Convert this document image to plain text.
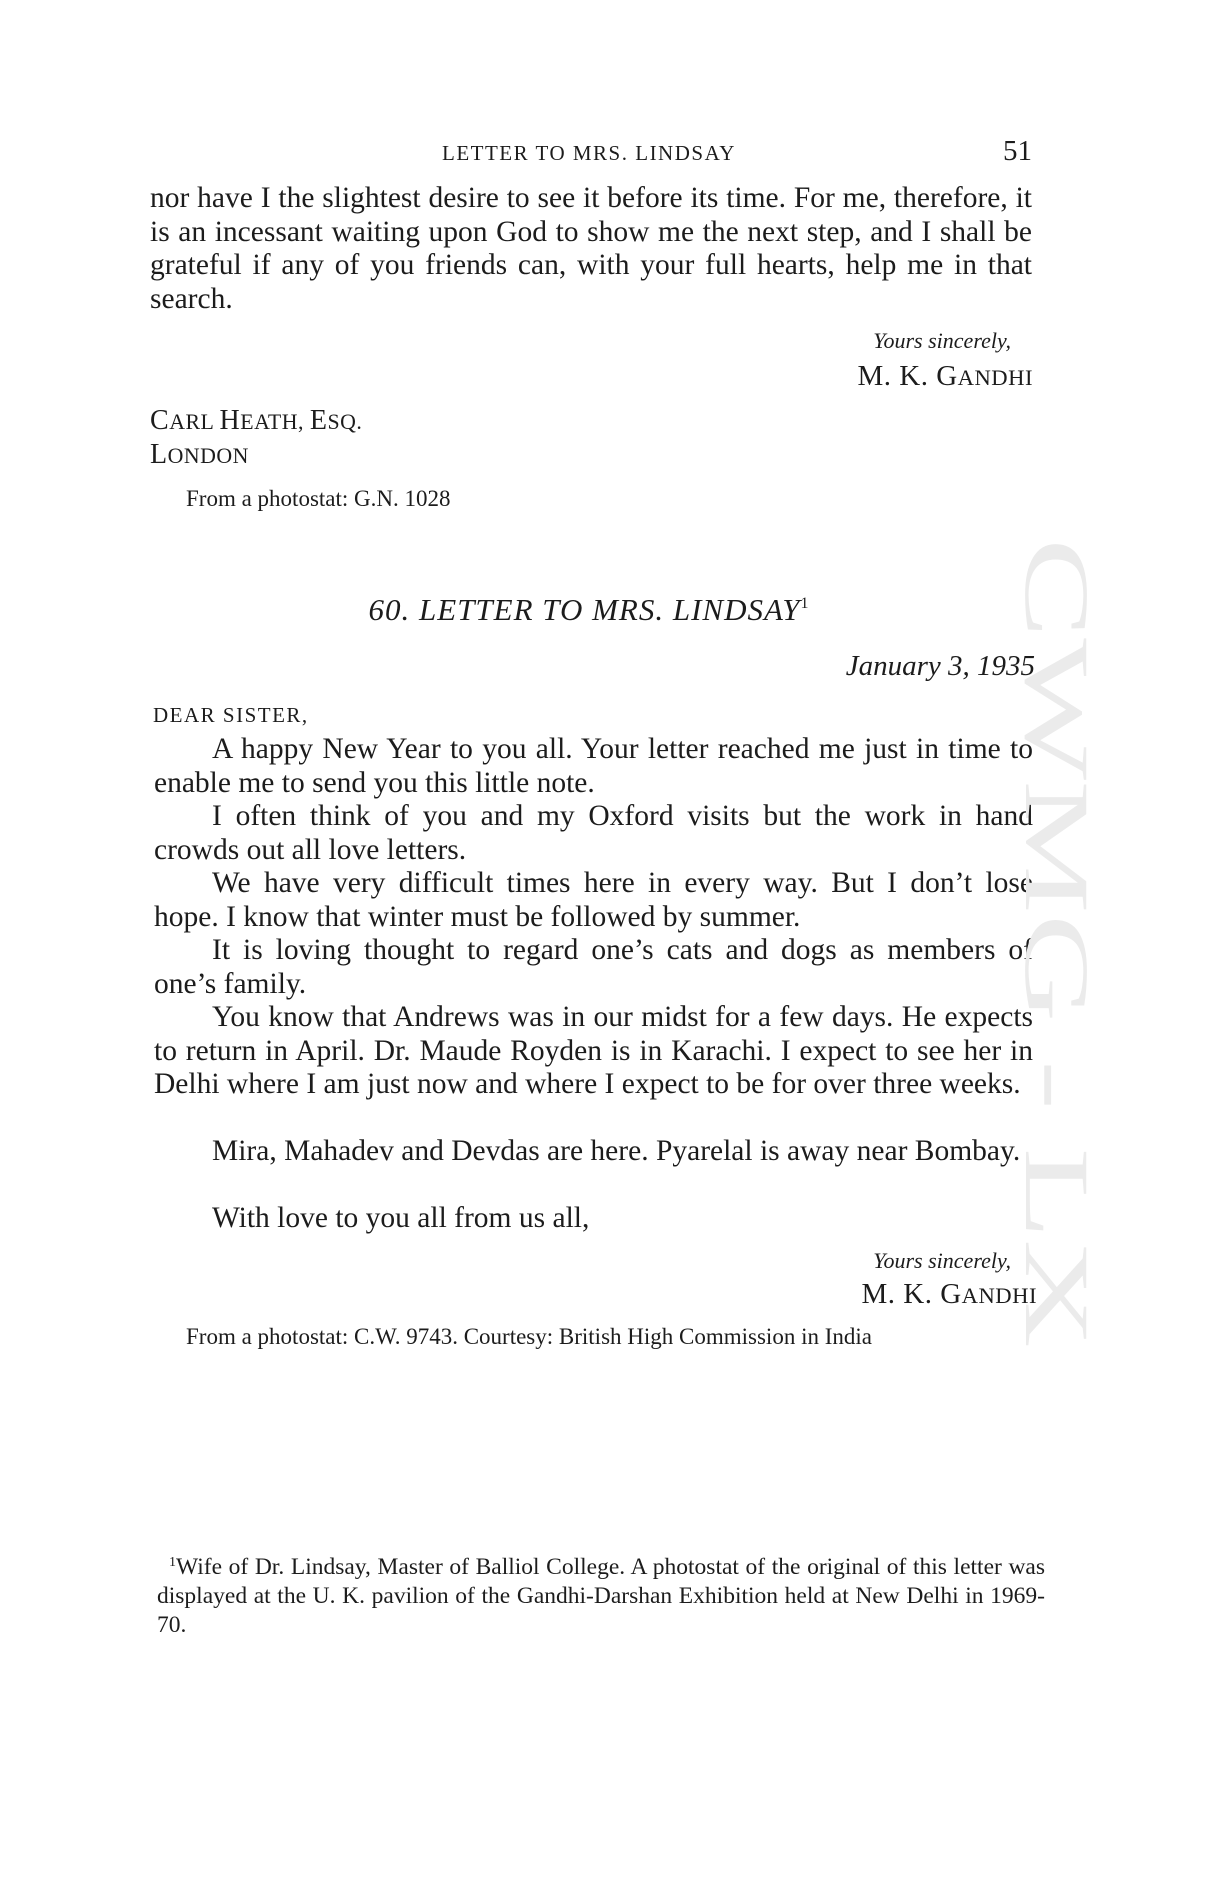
LETTER TO MRS. LINDSAY	51

nor have I the slightest desire to see it before its time. For me, therefore, it is an incessant waiting upon God to show me the next step, and I shall be grateful if any of you friends can, with your full hearts, help me in that search.

Yours sincerely,
M. K. GANDHI
CARL HEATH, ESQ.
LONDON
From a photostat: G.N. 1028
60. LETTER TO MRS. LINDSAY$^1$
January 3, 1935
DEAR SISTER,

A happy New Year to you all. Your letter reached me just in time to enable me to send you this little note.

I often think of you and my Oxford visits but the work in hand crowds out all love letters.

We have very difficult times here in every way. But I don’t lose hope. I know that winter must be followed by summer.

It is loving thought to regard one’s cats and dogs as members of one’s family.

You know that Andrews was in our midst for a few days. He expects to return in April. Dr. Maude Royden is in Karachi. I expect to see her in Delhi where I am just now and where I expect to be for over three weeks.

Mira, Mahadev and Devdas are here. Pyarelal is away near Bombay.

With love to you all from us all,

Yours sincerely,
M. K. GANDHI
From a photostat: C.W. 9743. Courtesy: British High Commission in India
$^1$Wife of Dr. Lindsay, Master of Balliol College. A photostat of the original of this letter was displayed at the U. K. pavilion of the Gandhi-Darshan Exhibition held at New Delhi in 1969-70.
CWMG - LX
